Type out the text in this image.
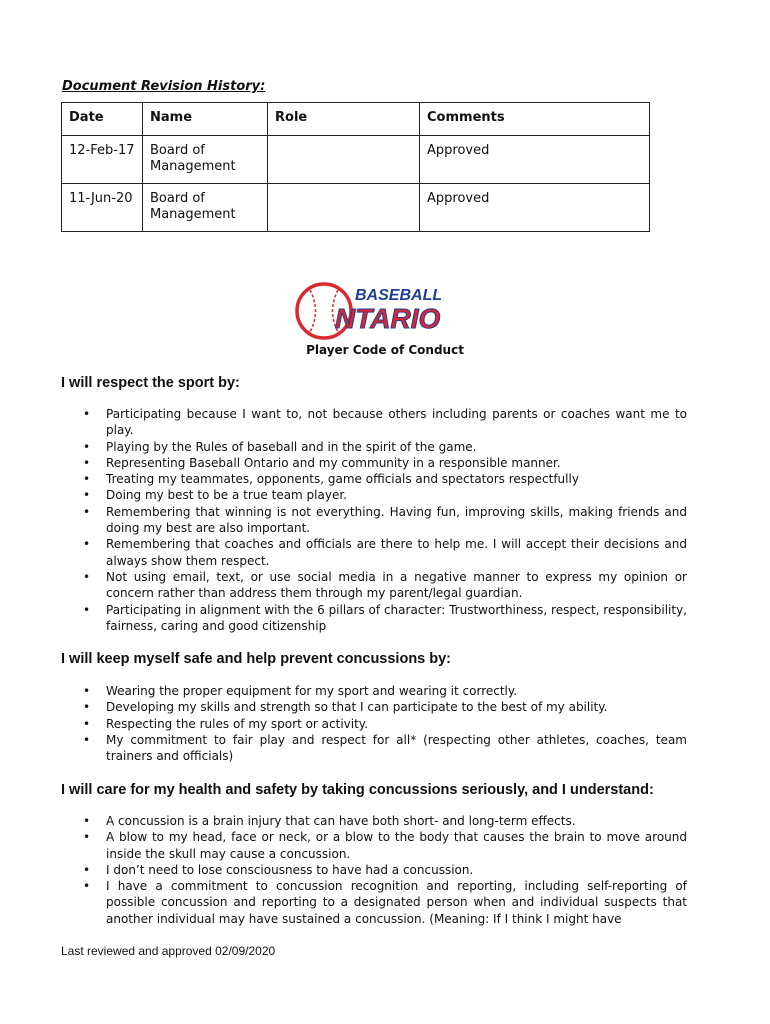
Document Revision History:

Date	Name	Role	Comments
12-Feb-17	Board of Management		Approved
11-Jun-20	Board of Management		Approved
BASEBALL
NTARIO

Player Code of Conduct

I will respect the sport by:

• Participating because I want to, not because others including parents or coaches want me to play.
• Playing by the Rules of baseball and in the spirit of the game.
• Representing Baseball Ontario and my community in a responsible manner.
• Treating my teammates, opponents, game officials and spectators respectfully
• Doing my best to be a true team player.
• Remembering that winning is not everything. Having fun, improving skills, making friends and doing my best are also important.
• Remembering that coaches and officials are there to help me. I will accept their decisions and always show them respect.
• Not using email, text, or use social media in a negative manner to express my opinion or concern rather than address them through my parent/legal guardian.
• Participating in alignment with the 6 pillars of character: Trustworthiness, respect, responsibility, fairness, caring and good citizenship

I will keep myself safe and help prevent concussions by:

• Wearing the proper equipment for my sport and wearing it correctly.
• Developing my skills and strength so that I can participate to the best of my ability.
• Respecting the rules of my sport or activity.
• My commitment to fair play and respect for all* (respecting other athletes, coaches, team trainers and officials)

I will care for my health and safety by taking concussions seriously, and I understand:

• A concussion is a brain injury that can have both short- and long-term effects.
• A blow to my head, face or neck, or a blow to the body that causes the brain to move around inside the skull may cause a concussion.
• I don’t need to lose consciousness to have had a concussion.
• I have a commitment to concussion recognition and reporting, including self-reporting of possible concussion and reporting to a designated person when and individual suspects that another individual may have sustained a concussion. (Meaning: If I think I might have

Last reviewed and approved 02/09/2020
